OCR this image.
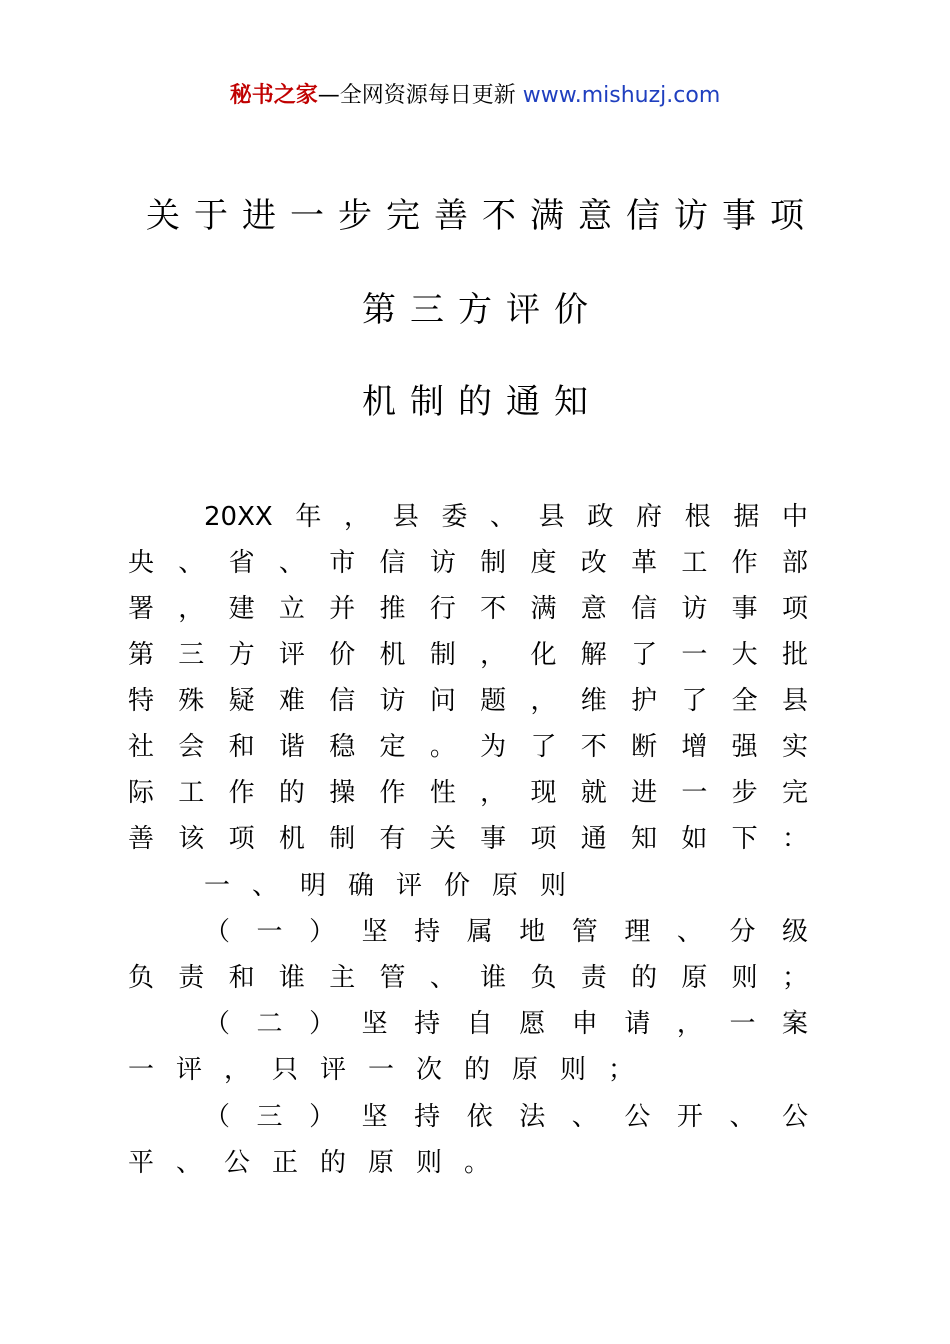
秘书之家—全网资源每日更新 www.mishuzj.com
关于进一步完善不满意信访事项
第三方评价
机制的通知
20XX年，县委、县政府根据中
央、省、市信访制度改革工作部
署，建立并推行不满意信访事项
第三方评价机制，化解了一大批
特殊疑难信访问题，维护了全县
社会和谐稳定。为了不断增强实
际工作的操作性，现就进一步完
善该项机制有关事项通知如下：
一、明确评价原则
（一）坚持属地管理、分级
负责和谁主管、谁负责的原则；
（二）坚持自愿申请，一案
一评，只评一次的原则；
（三）坚持依法、公开、公
平、公正的原则。
